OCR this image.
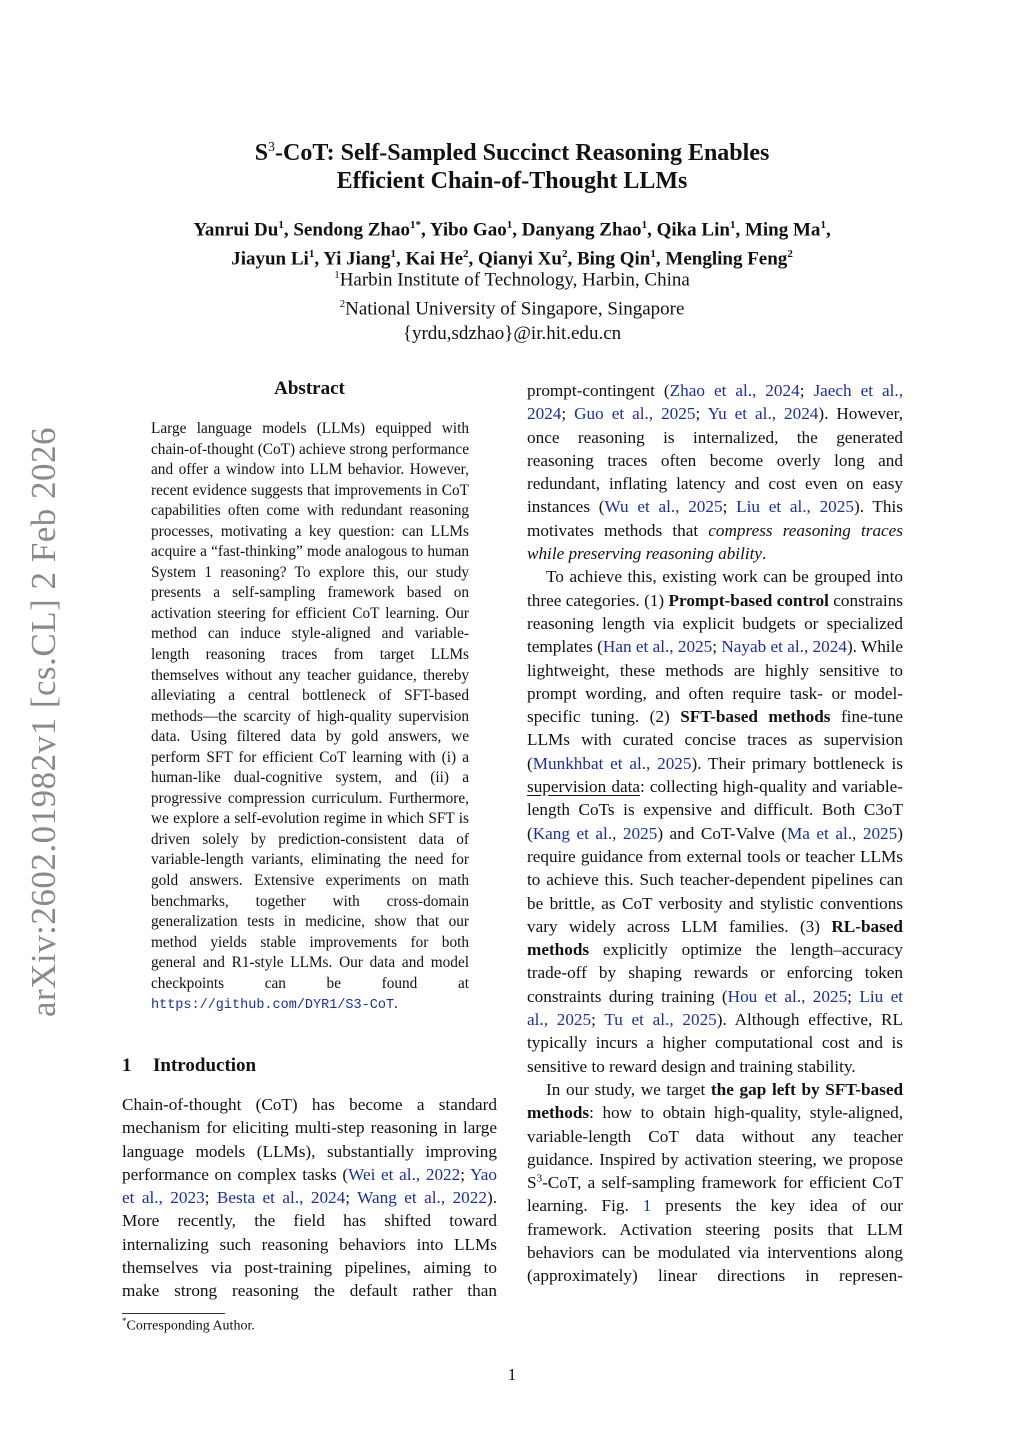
arXiv:2602.01982v1 [cs.CL] 2 Feb 2026
$S^3$-CoT: Self-Sampled Succinct Reasoning Enables
Efficient Chain-of-Thought LLMs
Yanrui Du$^1$, Sendong Zhao$^{1*}$, Yibo Gao$^1$, Danyang Zhao$^1$, Qika Lin$^1$, Ming Ma$^1$,
Jiayun Li$^1$, Yi Jiang$^1$, Kai He$^2$, Qianyi Xu$^2$, Bing Qin$^1$, Mengling Feng$^2$
$^1$Harbin Institute of Technology, Harbin, China
$^2$National University of Singapore, Singapore
{yrdu,sdzhao}@ir.hit.edu.cn
Abstract
Large language models (LLMs) equipped with chain-of-thought (CoT) achieve strong performance and offer a window into LLM behavior. However, recent evidence suggests that improvements in CoT capabilities often come with redundant reasoning processes, motivating a key question: can LLMs acquire a “fast-thinking” mode analogous to human System 1 reasoning? To explore this, our study presents a self-sampling framework based on activation steering for efficient CoT learning. Our method can induce style-aligned and variable-length reasoning traces from target LLMs themselves without any teacher guidance, thereby alleviating a central bottleneck of SFT-based methods—the scarcity of high-quality supervision data. Using filtered data by gold answers, we perform SFT for efficient CoT learning with (i) a human-like dual-cognitive system, and (ii) a progressive compression curriculum. Furthermore, we explore a self-evolution regime in which SFT is driven solely by prediction-consistent data of variable-length variants, eliminating the need for gold answers. Extensive experiments on math benchmarks, together with cross-domain generalization tests in medicine, show that our method yields stable improvements for both general and R1-style LLMs. Our data and model checkpoints can be found at https://github.com/DYR1/S3-CoT.
1 Introduction

Chain-of-thought (CoT) has become a standard mechanism for eliciting multi-step reasoning in large language models (LLMs), substantially improving performance on complex tasks (Wei et al., 2022; Yao et al., 2023; Besta et al., 2024; Wang et al., 2022). More recently, the field has shifted toward internalizing such reasoning behaviors into LLMs themselves via post-training pipelines, aiming to make strong reasoning the default rather than

prompt-contingent (Zhao et al., 2024; Jaech et al., 2024; Guo et al., 2025; Yu et al., 2024). However, once reasoning is internalized, the generated reasoning traces often become overly long and redundant, inflating latency and cost even on easy instances (Wu et al., 2025; Liu et al., 2025). This motivates methods that compress reasoning traces while preserving reasoning ability.

To achieve this, existing work can be grouped into three categories. (1) Prompt-based control constrains reasoning length via explicit budgets or specialized templates (Han et al., 2025; Nayab et al., 2024). While lightweight, these methods are highly sensitive to prompt wording, and often require task- or model-specific tuning. (2) SFT-based methods fine-tune LLMs with curated concise traces as supervision (Munkhbat et al., 2025). Their primary bottleneck is supervision data: collecting high-quality and variable-length CoTs is expensive and difficult. Both C3oT (Kang et al., 2025) and CoT-Valve (Ma et al., 2025) require guidance from external tools or teacher LLMs to achieve this. Such teacher-dependent pipelines can be brittle, as CoT verbosity and stylistic conventions vary widely across LLM families. (3) RL-based methods explicitly optimize the length–accuracy trade-off by shaping rewards or enforcing token constraints during training (Hou et al., 2025; Liu et al., 2025; Tu et al., 2025). Although effective, RL typically incurs a higher computational cost and is sensitive to reward design and training stability.

In our study, we target the gap left by SFT-based methods: how to obtain high-quality, style-aligned, variable-length CoT data without any teacher guidance. Inspired by activation steering, we propose $S^3$-CoT, a self-sampling framework for efficient CoT learning. Fig. 1 presents the key idea of our framework. Activation steering posits that LLM behaviors can be modulated via interventions along (approximately) linear directions in represen-

*Corresponding Author.
1
